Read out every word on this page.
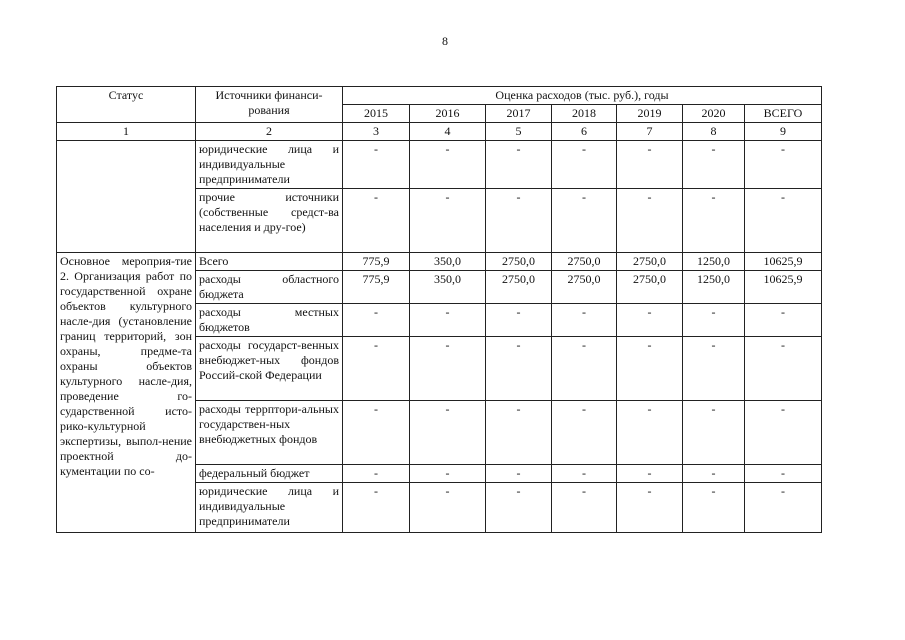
8
Статус	Источники финанси-рования	Оценка расходов (тыс. руб.), годы						
		2015	2016	2017	2018	2019	2020	ВСЕГО
1	2	3	4	5	6	7	8	9
	юридические лица и индивидуальные предприниматели	-	-	-	-	-	-	-
	прочие источники (собственные средст-ва населения и дру-гое)	-	-	-	-	-	-	-
Основное мероприя-тие 2. Организация работ по государственной охране объектов культурного насле-дия (установление границ территорий, зон охраны, предме-та охраны объектов культурного насле-дия, проведение го-сударственной исто-рико-культурной экспертизы, выпол-нение проектной до-кументации по со-	Всего	775,9	350,0	2750,0	2750,0	2750,0	1250,0	10625,9
	расходы областного бюджета	775,9	350,0	2750,0	2750,0	2750,0	1250,0	10625,9
	расходы местных бюджетов	-	-	-	-	-	-	-
	расходы государст-венных внебюджет-ных фондов Россий-ской Федерации	-	-	-	-	-	-	-
	расходы террптори-альных государствен-ных внебюджетных фондов	-	-	-	-	-	-	-
	федеральный бюджет	-	-	-	-	-	-	-
	юридические лица и индивидуальные предприниматели	-	-	-	-	-	-	-
